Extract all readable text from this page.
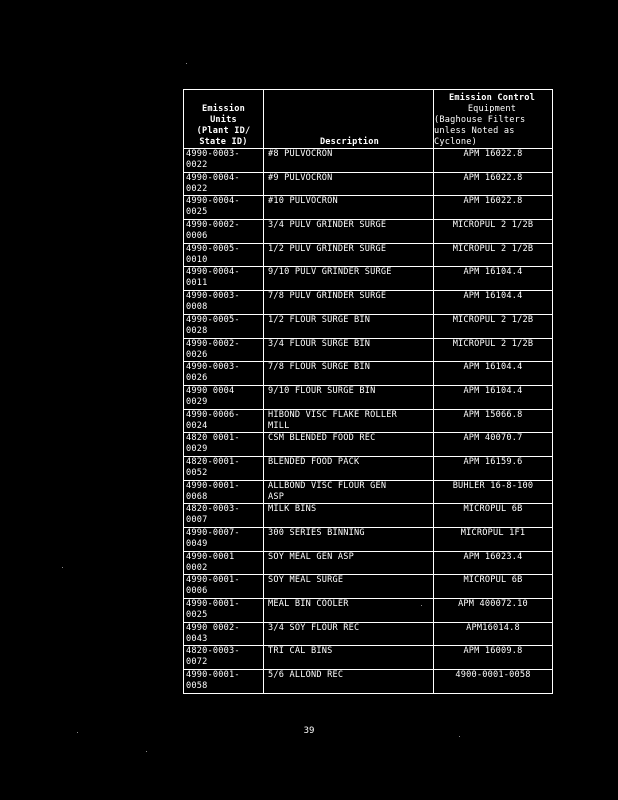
Emission
Units
(Plant ID/
State ID)	Description	Emission Control
Equipment
(Baghouse Filters
unless Noted as
Cyclone)

4990-0003-
0022	#8 PULVOCRON	APM 16022.8
4990-0004-
0022	#9 PULVOCRON	APM 16022.8
4990-0004-
0025	#10 PULVOCRON	APM 16022.8
4990-0002-
0006	3/4 PULV GRINDER SURGE	MICROPUL 2 1/2B
4990-0005-
0010	1/2 PULV GRINDER SURGE	MICROPUL 2 1/2B
4990-0004-
0011	9/10 PULV GRINDER SURGE	APM 16104.4
4990-0003-
0008	7/8 PULV GRINDER SURGE	APM 16104.4
4990-0005-
0028	1/2 FLOUR SURGE BIN	MICROPUL 2 1/2B
4990-0002-
0026	3/4 FLOUR SURGE BIN	MICROPUL 2 1/2B
4990-0003-
0026	7/8 FLOUR SURGE BIN	APM 16104.4
4990 0004
0029	9/10 FLOUR SURGE BIN	APM 16104.4
4990-0006-
0024	HIBOND VISC FLAKE ROLLER
MILL	APM 15066.8
4820 0001-
0029	CSM BLENDED FOOD REC	APM 40070.7
4820-0001-
0052	BLENDED FOOD PACK	APM 16159.6
4990-0001-
0068	ALLBOND VISC FLOUR GEN
ASP	BUHLER 16-8-100
4820-0003-
0007	MILK BINS	MICROPUL 6B
4990-0007-
0049	300 SERIES BINNING	MICROPUL 1F1
4990-0001
0002	SOY MEAL GEN ASP	APM 16023.4
4990-0001-
0006	SOY MEAL SURGE	MICROPUL 6B
4990-0001-
0025	MEAL BIN COOLER	APM 400072.10
4990 0002-
0043	3/4 SOY FLOUR REC	APM16014.8
4820-0003-
0072	TRI CAL BINS	APM 16009.8
4990-0001-
0058	5/6 ALLOND REC	4900-0001-0058
39
